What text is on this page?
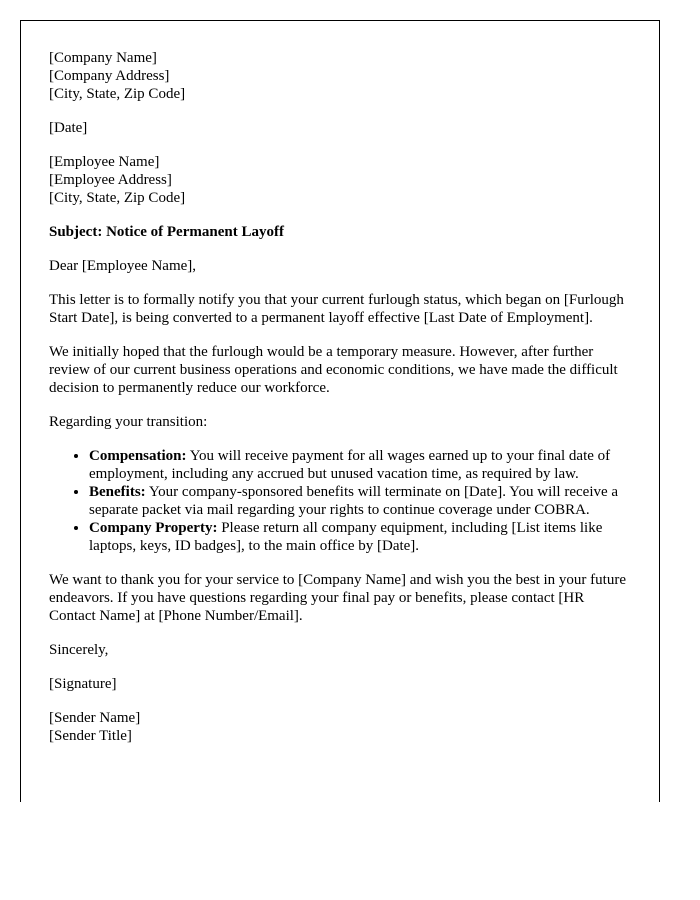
[Company Name]
[Company Address]
[City, State, Zip Code]
[Date]
[Employee Name]
[Employee Address]
[City, State, Zip Code]

Subject: Notice of Permanent Layoff

Dear [Employee Name],

This letter is to formally notify you that your current furlough status, which began on [Furlough Start Date], is being converted to a permanent layoff effective [Last Date of Employment].

We initially hoped that the furlough would be a temporary measure. However, after further review of our current business operations and economic conditions, we have made the difficult decision to permanently reduce our workforce.

Regarding your transition:

• Compensation: You will receive payment for all wages earned up to your final date of employment, including any accrued but unused vacation time, as required by law.
• Benefits: Your company-sponsored benefits will terminate on [Date]. You will receive a separate packet via mail regarding your rights to continue coverage under COBRA.
• Company Property: Please return all company equipment, including [List items like laptops, keys, ID badges], to the main office by [Date].

We want to thank you for your service to [Company Name] and wish you the best in your future endeavors. If you have questions regarding your final pay or benefits, please contact [HR Contact Name] at [Phone Number/Email].

Sincerely,

[Signature]

[Sender Name]
[Sender Title]
